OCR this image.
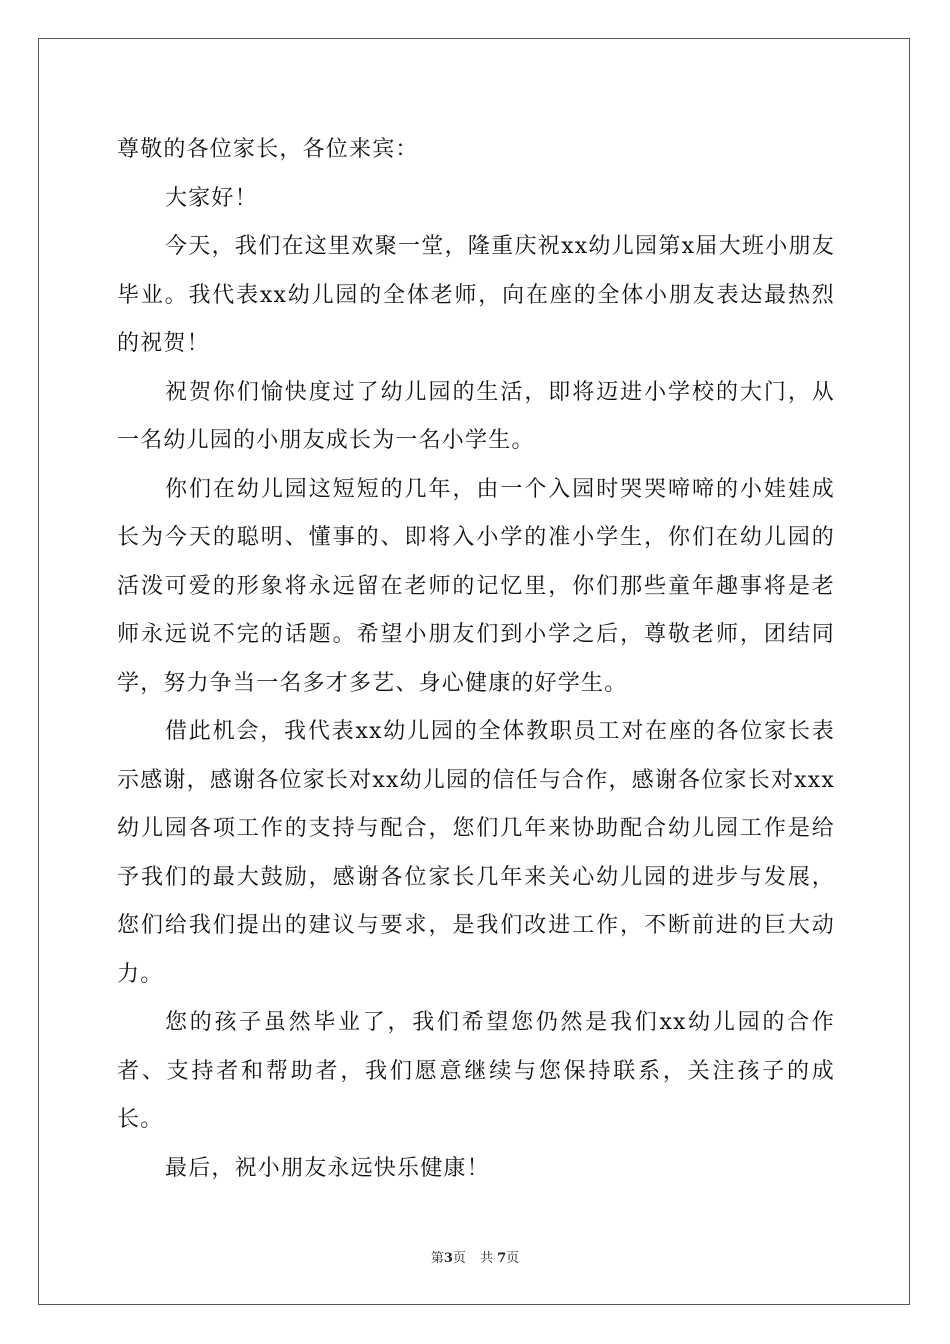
尊敬的各位家长，各位来宾：

大家好！

今天，我们在这里欢聚一堂，隆重庆祝xx幼儿园第x届大班小朋友毕业。我代表xx幼儿园的全体老师，向在座的全体小朋友表达最热烈的祝贺！

祝贺你们愉快度过了幼儿园的生活，即将迈进小学校的大门，从一名幼儿园的小朋友成长为一名小学生。

你们在幼儿园这短短的几年，由一个入园时哭哭啼啼的小娃娃成长为今天的聪明、懂事的、即将入小学的准小学生，你们在幼儿园的活泼可爱的形象将永远留在老师的记忆里，你们那些童年趣事将是老师永远说不完的话题。希望小朋友们到小学之后，尊敬老师，团结同学，努力争当一名多才多艺、身心健康的好学生。

借此机会，我代表xx幼儿园的全体教职员工对在座的各位家长表示感谢，感谢各位家长对xx幼儿园的信任与合作，感谢各位家长对xxx幼儿园各项工作的支持与配合，您们几年来协助配合幼儿园工作是给予我们的最大鼓励，感谢各位家长几年来关心幼儿园的进步与发展，您们给我们提出的建议与要求，是我们改进工作，不断前进的巨大动力。

您的孩子虽然毕业了，我们希望您仍然是我们xx幼儿园的合作者、支持者和帮助者，我们愿意继续与您保持联系，关注孩子的成长。

最后，祝小朋友永远快乐健康！

第3页 共 7页
